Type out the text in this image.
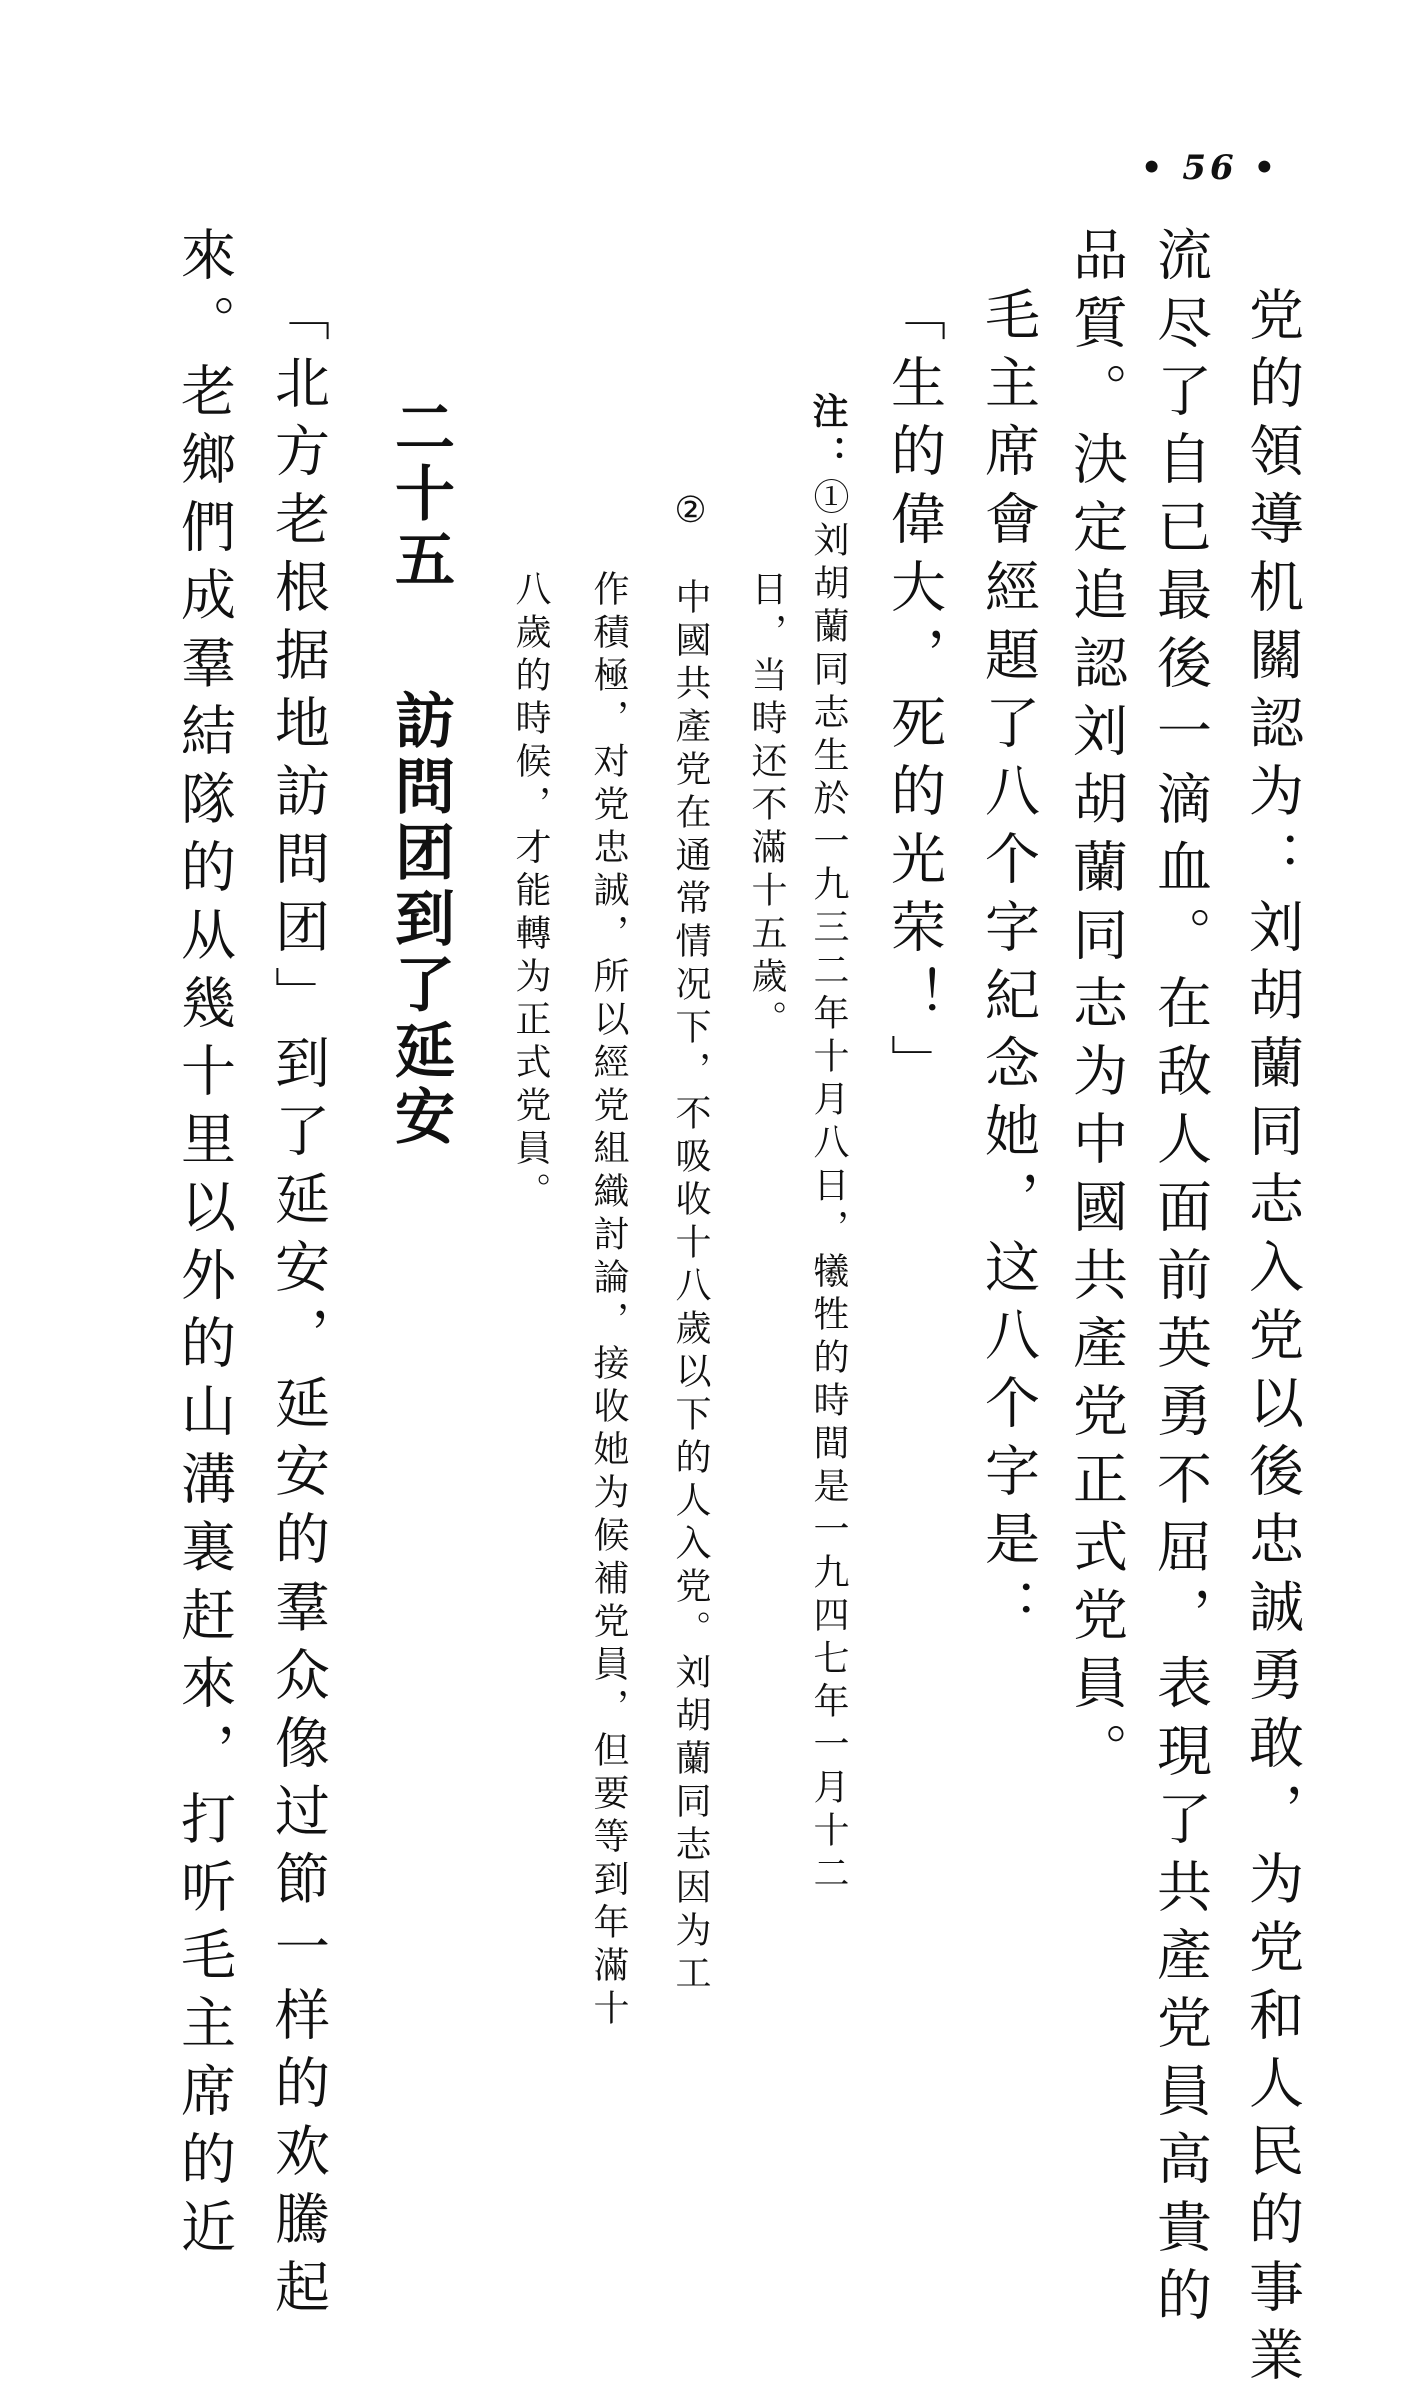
• 56 •
党的領導机關認为：刘胡蘭同志入党以後忠誠勇敢，为党和人民的事業
流尽了自已最後一滴血。在敌人面前英勇不屈，表現了共產党員高貴的
品質。決定追認刘胡蘭同志为中國共產党正式党員。
毛主席會經題了八个字紀念她，这八个字是：
「生的偉大，死的光荣！」
注：①刘胡蘭同志生於一九三二年十月八日，犧牲的時間是一九四七年一月十二
日，当時还不滿十五歲。
②中國共產党在通常情况下，不吸收十八歲以下的人入党。刘胡蘭同志因为工
作積極，对党忠誠，所以經党組織討論，接收她为候補党員，但要等到年滿十
八歲的時候，才能轉为正式党員。
二十五訪問团到了延安
「北方老根据地訪問团」到了延安，延安的羣众像过節一样的欢騰起
來。老鄉們成羣結隊的从幾十里以外的山溝裏赶來，打听毛主席的近
